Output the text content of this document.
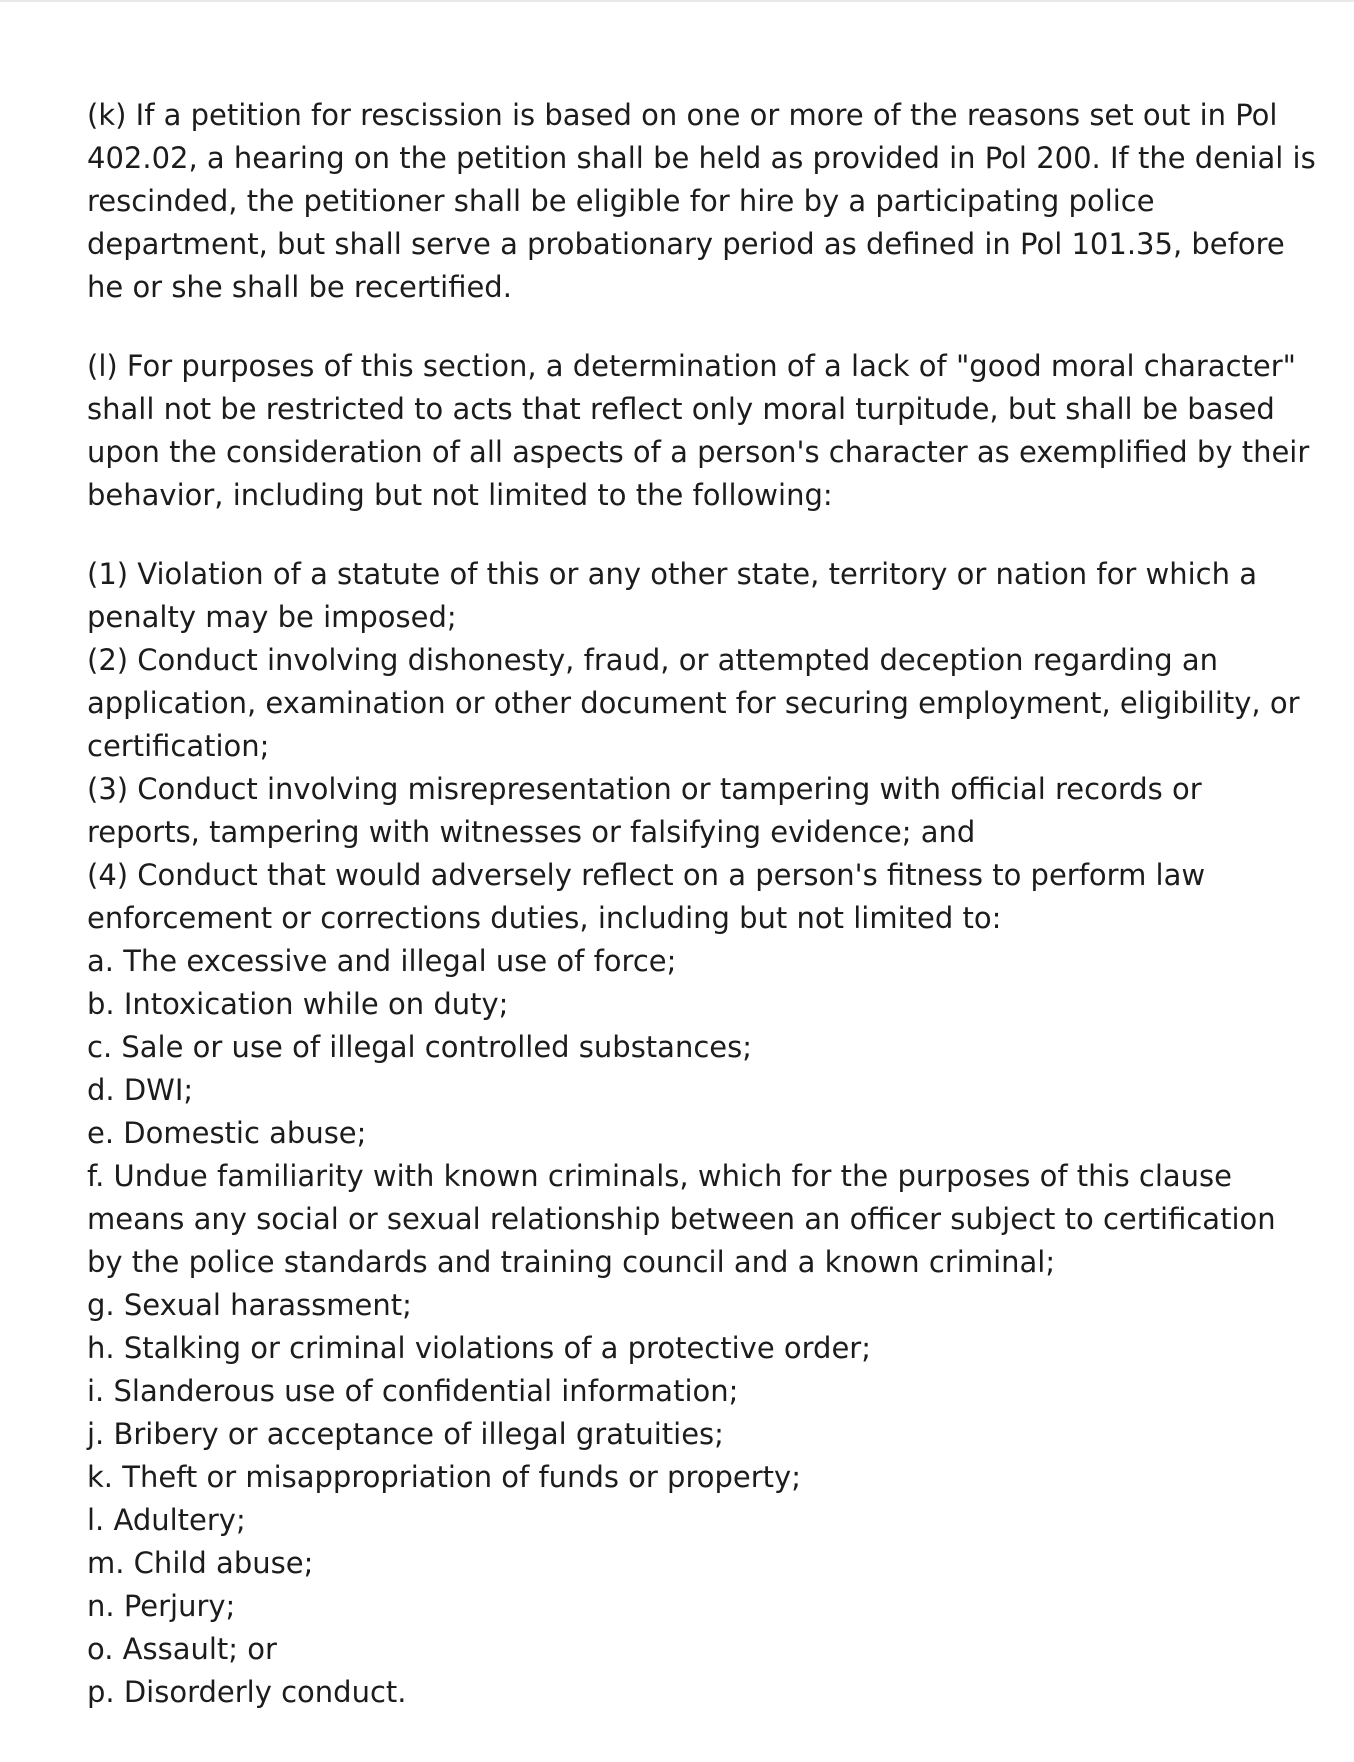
(k) If a petition for rescission is based on one or more of the reasons set out in Pol
402.02, a hearing on the petition shall be held as provided in Pol 200. If the denial is
rescinded, the petitioner shall be eligible for hire by a participating police
department, but shall serve a probationary period as defined in Pol 101.35, before
he or she shall be recertified.

(l) For purposes of this section, a determination of a lack of "good moral character"
shall not be restricted to acts that reflect only moral turpitude, but shall be based
upon the consideration of all aspects of a person's character as exemplified by their
behavior, including but not limited to the following:

(1) Violation of a statute of this or any other state, territory or nation for which a
penalty may be imposed;

(2) Conduct involving dishonesty, fraud, or attempted deception regarding an
application, examination or other document for securing employment, eligibility, or
certification;

(3) Conduct involving misrepresentation or tampering with official records or
reports, tampering with witnesses or falsifying evidence; and

(4) Conduct that would adversely reflect on a person's fitness to perform law
enforcement or corrections duties, including but not limited to:

a. The excessive and illegal use of force;

b. Intoxication while on duty;

c. Sale or use of illegal controlled substances;

d. DWI;

e. Domestic abuse;

f. Undue familiarity with known criminals, which for the purposes of this clause
means any social or sexual relationship between an officer subject to certification
by the police standards and training council and a known criminal;

g. Sexual harassment;

h. Stalking or criminal violations of a protective order;

i. Slanderous use of confidential information;

j. Bribery or acceptance of illegal gratuities;

k. Theft or misappropriation of funds or property;

l. Adultery;

m. Child abuse;

n. Perjury;

o. Assault; or

p. Disorderly conduct.
